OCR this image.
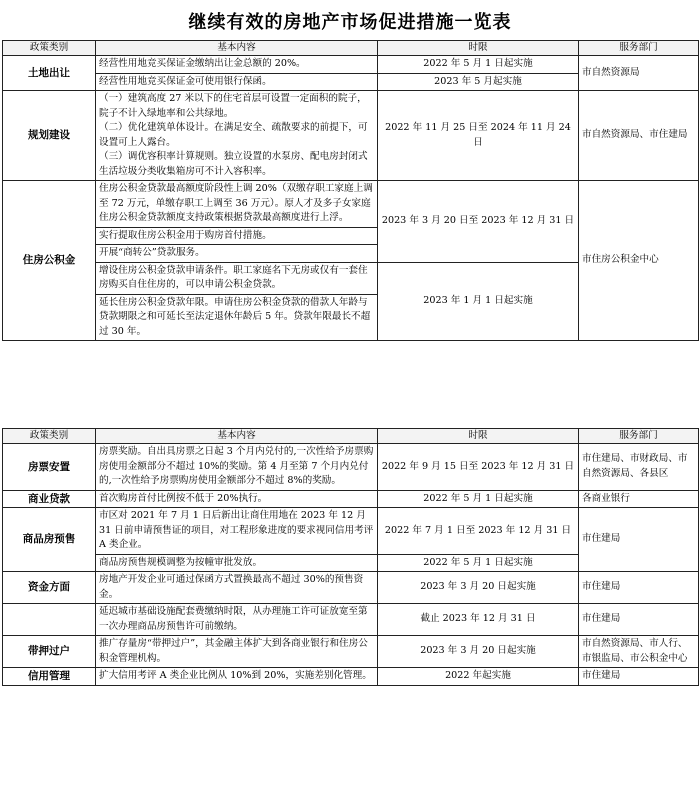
继续有效的房地产市场促进措施一览表
政策类别	基本内容	时限	服务部门
土地出让	经营性用地竞买保证金缴纳出让金总额的 20%。	2022 年 5 月 1 日起实施	市自然资源局
	经营性用地竞买保证金可使用银行保函。	2023 年 5 月起实施	
规划建设	（一）建筑高度 27 米以下的住宅首层可设置一定面积的院子，院子不计入绿地率和公共绿地。
（二）优化建筑单体设计。在满足安全、疏散要求的前提下，可设置可上人露台。
（三）调优容积率计算规则。独立设置的水泵房、配电房封闭式生活垃圾分类收集箱房可不计入容积率。	2022 年 11 月 25 日至 2024 年 11 月 24 日	市自然资源局、市住建局
住房公积金	住房公积金贷款最高额度阶段性上调 20%（双缴存职工家庭上调至 72 万元，单缴存职工上调至 36 万元）。原人才及多子女家庭住房公积金贷款额度支持政策根据贷款最高额度进行上浮。	2023 年 3 月 20 日至 2023 年 12 月 31 日	市住房公积金中心
	实行提取住房公积金用于购房首付措施。		
	开展“商转公”贷款服务。		
	增设住房公积金贷款申请条件。职工家庭名下无房或仅有一套住房购买自住住房的，可以申请公积金贷款。	2023 年 1 月 1 日起实施	
	延长住房公积金贷款年限。申请住房公积金贷款的借款人年龄与贷款期限之和可延长至法定退休年龄后 5 年。贷款年限最长不超过 30 年。		
政策类别	基本内容	时限	服务部门
房票安置	房票奖励。自出具房票之日起 3 个月内兑付的,一次性给予房票购房使用金额部分不超过 10%的奖励。第 4 月至第 7 个月内兑付的,一次性给予房票购房使用金额部分不超过 8%的奖励。	2022 年 9 月 15 日至 2023 年 12 月 31 日	市住建局、市财政局、市自然资源局、各县区
商业贷款	首次购房首付比例按不低于 20%执行。	2022 年 5 月 1 日起实施	各商业银行
商品房预售	市区对 2021 年 7 月 1 日后新出让商住用地在 2023 年 12 月 31 日前申请预售证的项目，对工程形象进度的要求视同信用考评 A 类企业。	2022 年 7 月 1 日至 2023 年 12 月 31 日	市住建局
	商品房预售规模调整为按幢审批发放。	2022 年 5 月 1 日起实施	
资金方面	房地产开发企业可通过保函方式置换最高不超过 30%的预售资金。	2023 年 3 月 20 日起实施	市住建局
	延迟城市基础设施配套费缴纳时限，从办理施工许可证放宽至第一次办理商品房预售许可前缴纳。	截止 2023 年 12 月 31 日	市住建局
带押过户	推广存量房“带押过户”，其金融主体扩大到各商业银行和住房公积金管理机构。	2023 年 3 月 20 日起实施	市自然资源局、市人行、市银监局、市公积金中心
信用管理	扩大信用考评 A 类企业比例从 10%到 20%，实施差别化管理。	2022 年起实施	市住建局
